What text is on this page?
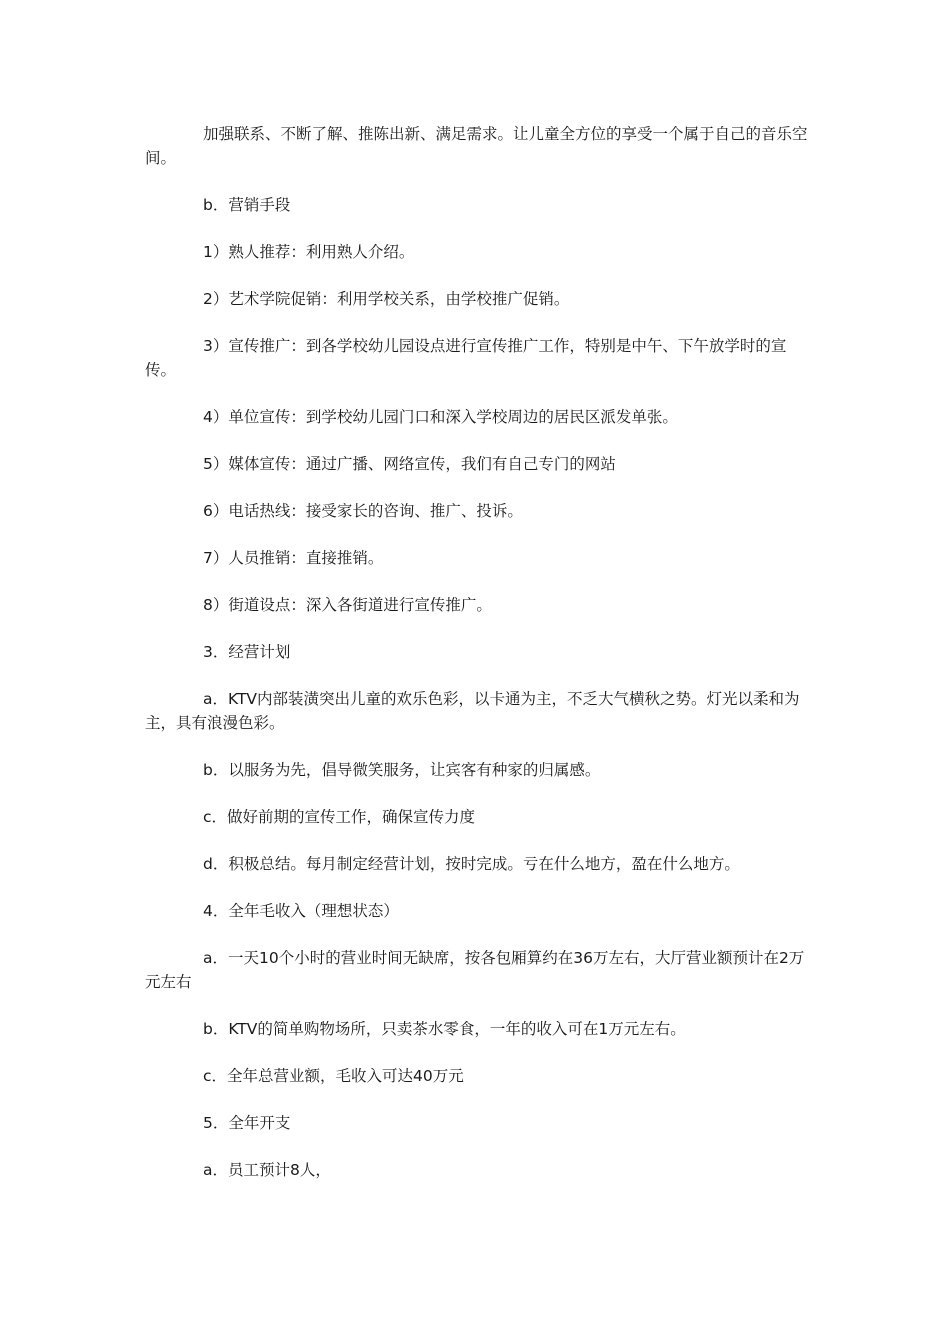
加强联系、不断了解、推陈出新、满足需求。让儿童全方位的享受一个属于自己的音乐空间。

b．营销手段

1）熟人推荐：利用熟人介绍。

2）艺术学院促销：利用学校关系，由学校推广促销。

3）宣传推广：到各学校幼儿园设点进行宣传推广工作，特别是中午、下午放学时的宣传。

4）单位宣传：到学校幼儿园门口和深入学校周边的居民区派发单张。

5）媒体宣传：通过广播、网络宣传，我们有自己专门的网站

6）电话热线：接受家长的咨询、推广、投诉。

7）人员推销：直接推销。

8）街道设点：深入各街道进行宣传推广。

3．经营计划

a．KTV内部装潢突出儿童的欢乐色彩，以卡通为主，不乏大气横秋之势。灯光以柔和为主，具有浪漫色彩。

b．以服务为先，倡导微笑服务，让宾客有种家的归属感。

c．做好前期的宣传工作，确保宣传力度

d．积极总结。每月制定经营计划，按时完成。亏在什么地方，盈在什么地方。

4．全年毛收入（理想状态）

a．一天10个小时的营业时间无缺席，按各包厢算约在36万左右，大厅营业额预计在2万元左右

b．KTV的简单购物场所，只卖茶水零食，一年的收入可在1万元左右。

c．全年总营业额，毛收入可达40万元

5．全年开支

a．员工预计8人，
